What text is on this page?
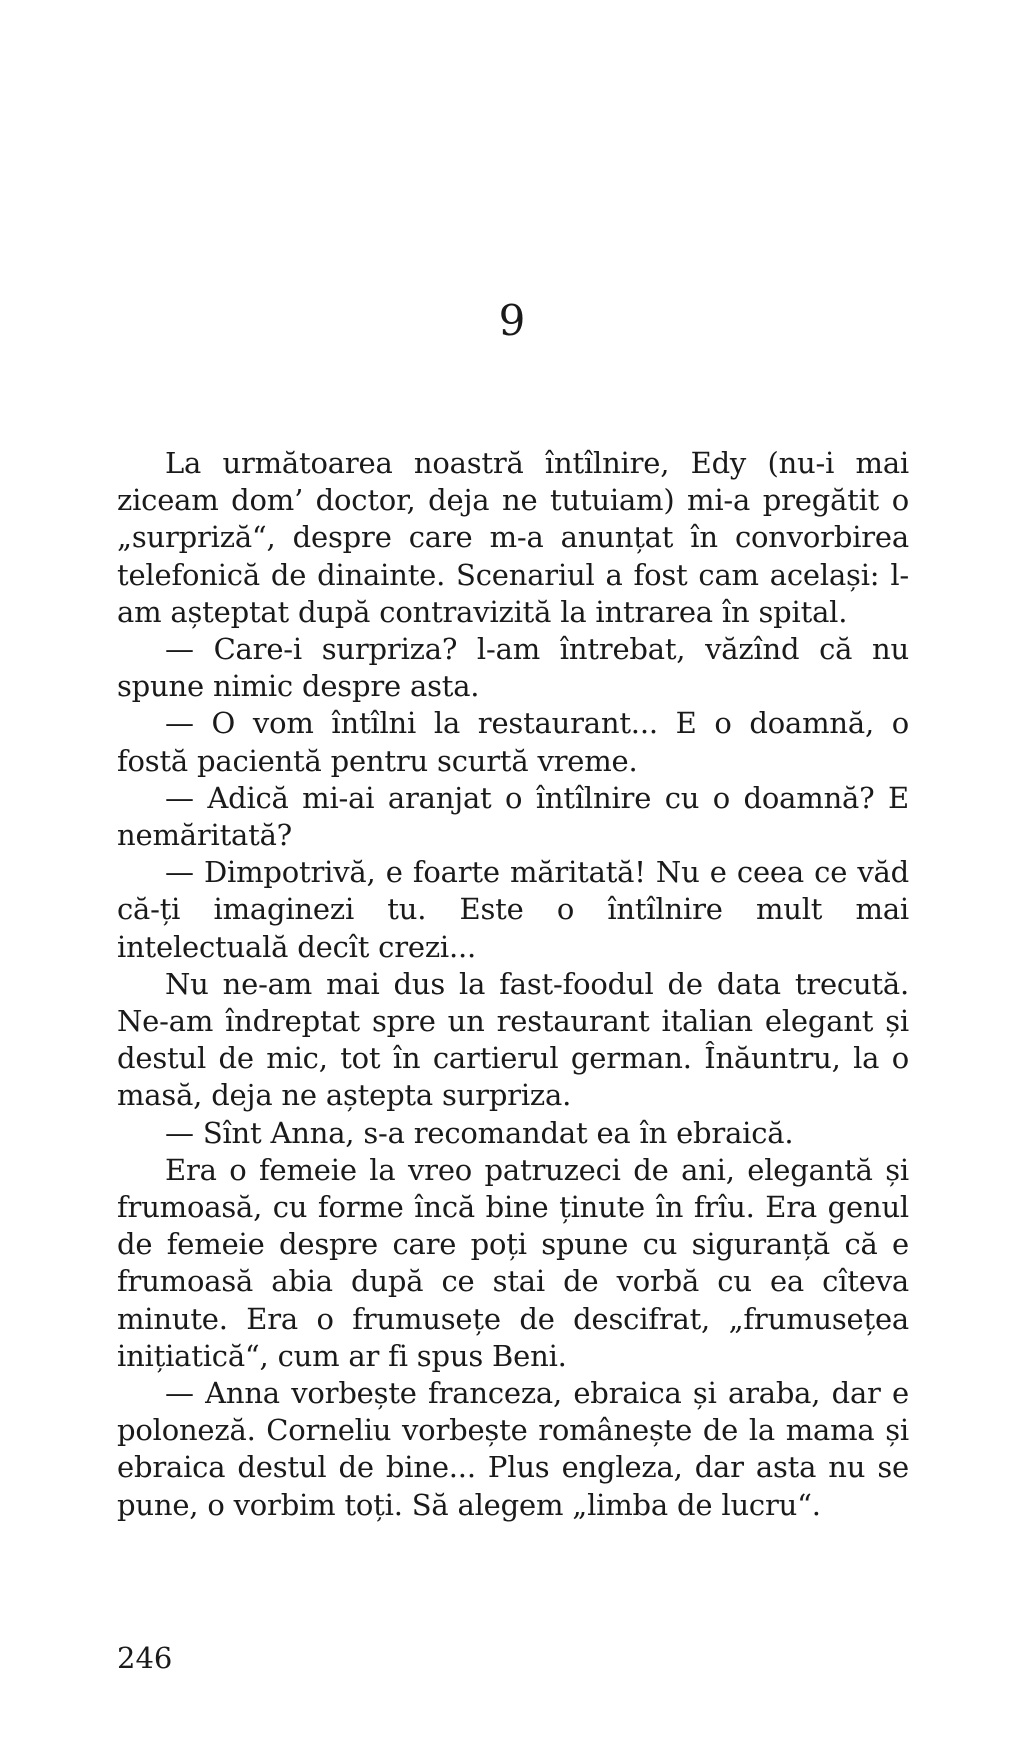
9

La următoarea noastră întîlnire, Edy (nu-i mai ziceam dom’ doctor, deja ne tutuiam) mi-a pregătit o „surpriză“, despre care m-a anunțat în convorbirea telefonică de dinainte. Scenariul a fost cam același: l-am așteptat după contravizită la intrarea în spital.

— Care-i surpriza? l-am întrebat, văzînd că nu spune nimic despre asta.

— O vom întîlni la restaurant... E o doamnă, o fostă pacientă pentru scurtă vreme.

— Adică mi-ai aranjat o întîlnire cu o doamnă? E nemăritată?

— Dimpotrivă, e foarte măritată! Nu e ceea ce văd că-ți imaginezi tu. Este o întîlnire mult mai intelectuală decît crezi...

Nu ne-am mai dus la fast-foodul de data trecută. Ne-am îndreptat spre un restaurant italian elegant și destul de mic, tot în cartierul german. Înăuntru, la o masă, deja ne aștepta surpriza.

— Sînt Anna, s-a recomandat ea în ebraică.

Era o femeie la vreo patruzeci de ani, elegantă și frumoasă, cu forme încă bine ținute în frîu. Era genul de femeie despre care poți spune cu siguranță că e frumoasă abia după ce stai de vorbă cu ea cîteva minute. Era o frumusețe de descifrat, „frumusețea inițiatică“, cum ar fi spus Beni.

— Anna vorbește franceza, ebraica și araba, dar e poloneză. Corneliu vorbește românește de la mama și ebraica destul de bine... Plus engleza, dar asta nu se pune, o vorbim toți. Să alegem „limba de lucru“.

246
